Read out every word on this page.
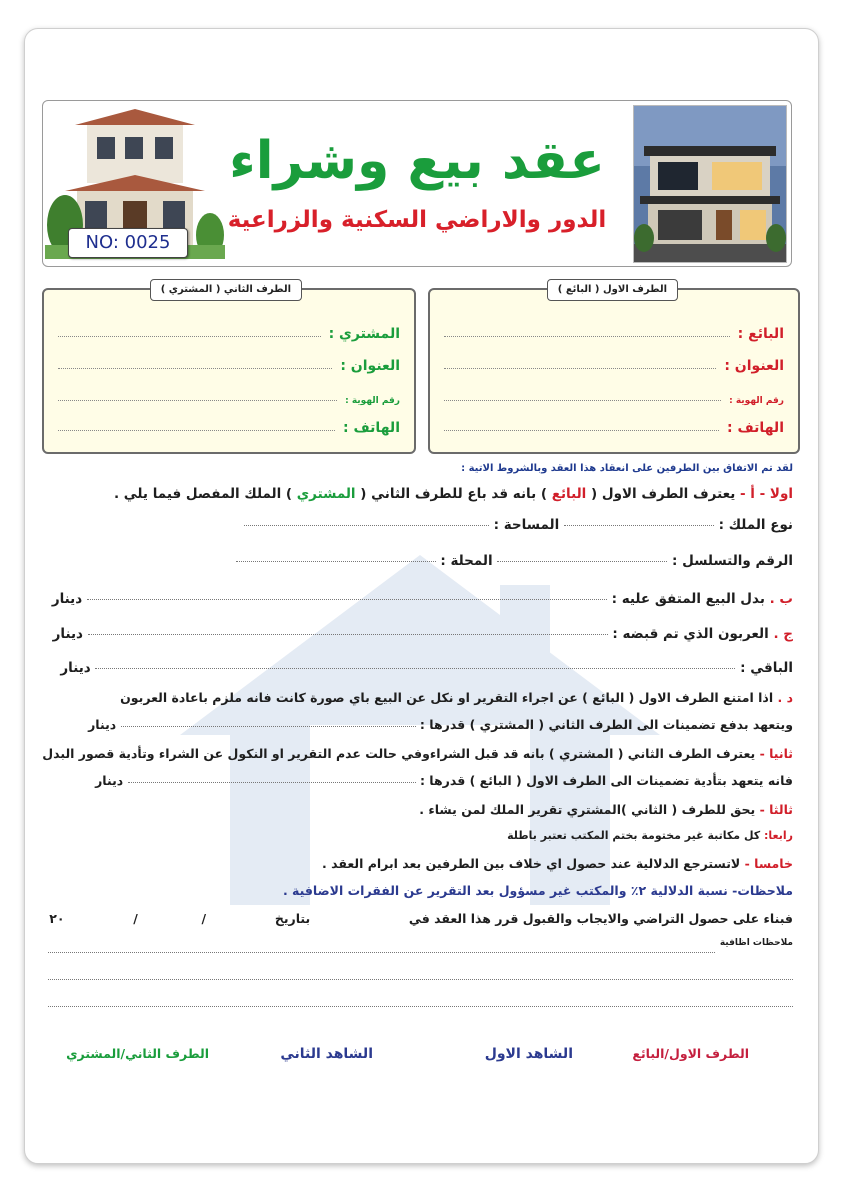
عقد بيع وشراء
الدور والاراضي السكنية والزراعية
NO: 0025
الطرف الاول ( البائع )
البائع :
العنوان :
رقم الهوية :
الهاتف :
الطرف الثاني ( المشتري )
المشتري :
العنوان :
رقم الهوية :
الهاتف :
لقد تم الاتفاق بين الطرفين على انعقاد هذا العقد وبالشروط الاتية :
اولا - أ - يعترف الطرف الاول ( البائع ) بانه قد باع للطرف الثاني ( المشتري ) الملك المفصل فيما يلي .
نوع الملك :  المساحة :
الرقم والتسلسل :  المحلة :
ب . بدل البيع المتفق عليه :  دينار
ج . العربون الذي تم قبضه :  دينار
الباقي :  دينار
د . اذا امتنع الطرف الاول ( البائع ) عن اجراء التقرير او نكل عن البيع باي صورة كانت فانه ملزم باعادة العربون
ويتعهد بدفع تضمينات الى الطرف الثاني ( المشتري ) قدرها :  دينار
ثانيا - يعترف الطرف الثاني ( المشتري ) بانه قد قبل الشراءوفي حالت عدم التقرير او النكول عن الشراء وتأدية قصور البدل
فانه يتعهد بتأدية تضمينات الى الطرف الاول ( البائع ) قدرها :  دينار
ثالثا - يحق للطرف ( الثاني )المشتري تقرير الملك لمن يشاء .
رابعا: كل مكاتبة غير مختومة بختم المكتب تعتبر باطلة
خامسا - لاتسترجع الدلالية عند حصول اي خلاف بين الطرفين بعد ابرام العقد .
ملاحظات- نسبة الدلالية ٢٪ والمكتب غير مسؤول بعد التقرير عن الفقرات الاضافية .
فبناء على حصول التراضي والايجاب والقبول قرر هذا العقد في  بتاريخ  /  /  ٢٠
ملاحظات اظافية
الطرف الاول/البائع
الشاهد الاول
الشاهد الثاني
الطرف الثاني/المشتري
